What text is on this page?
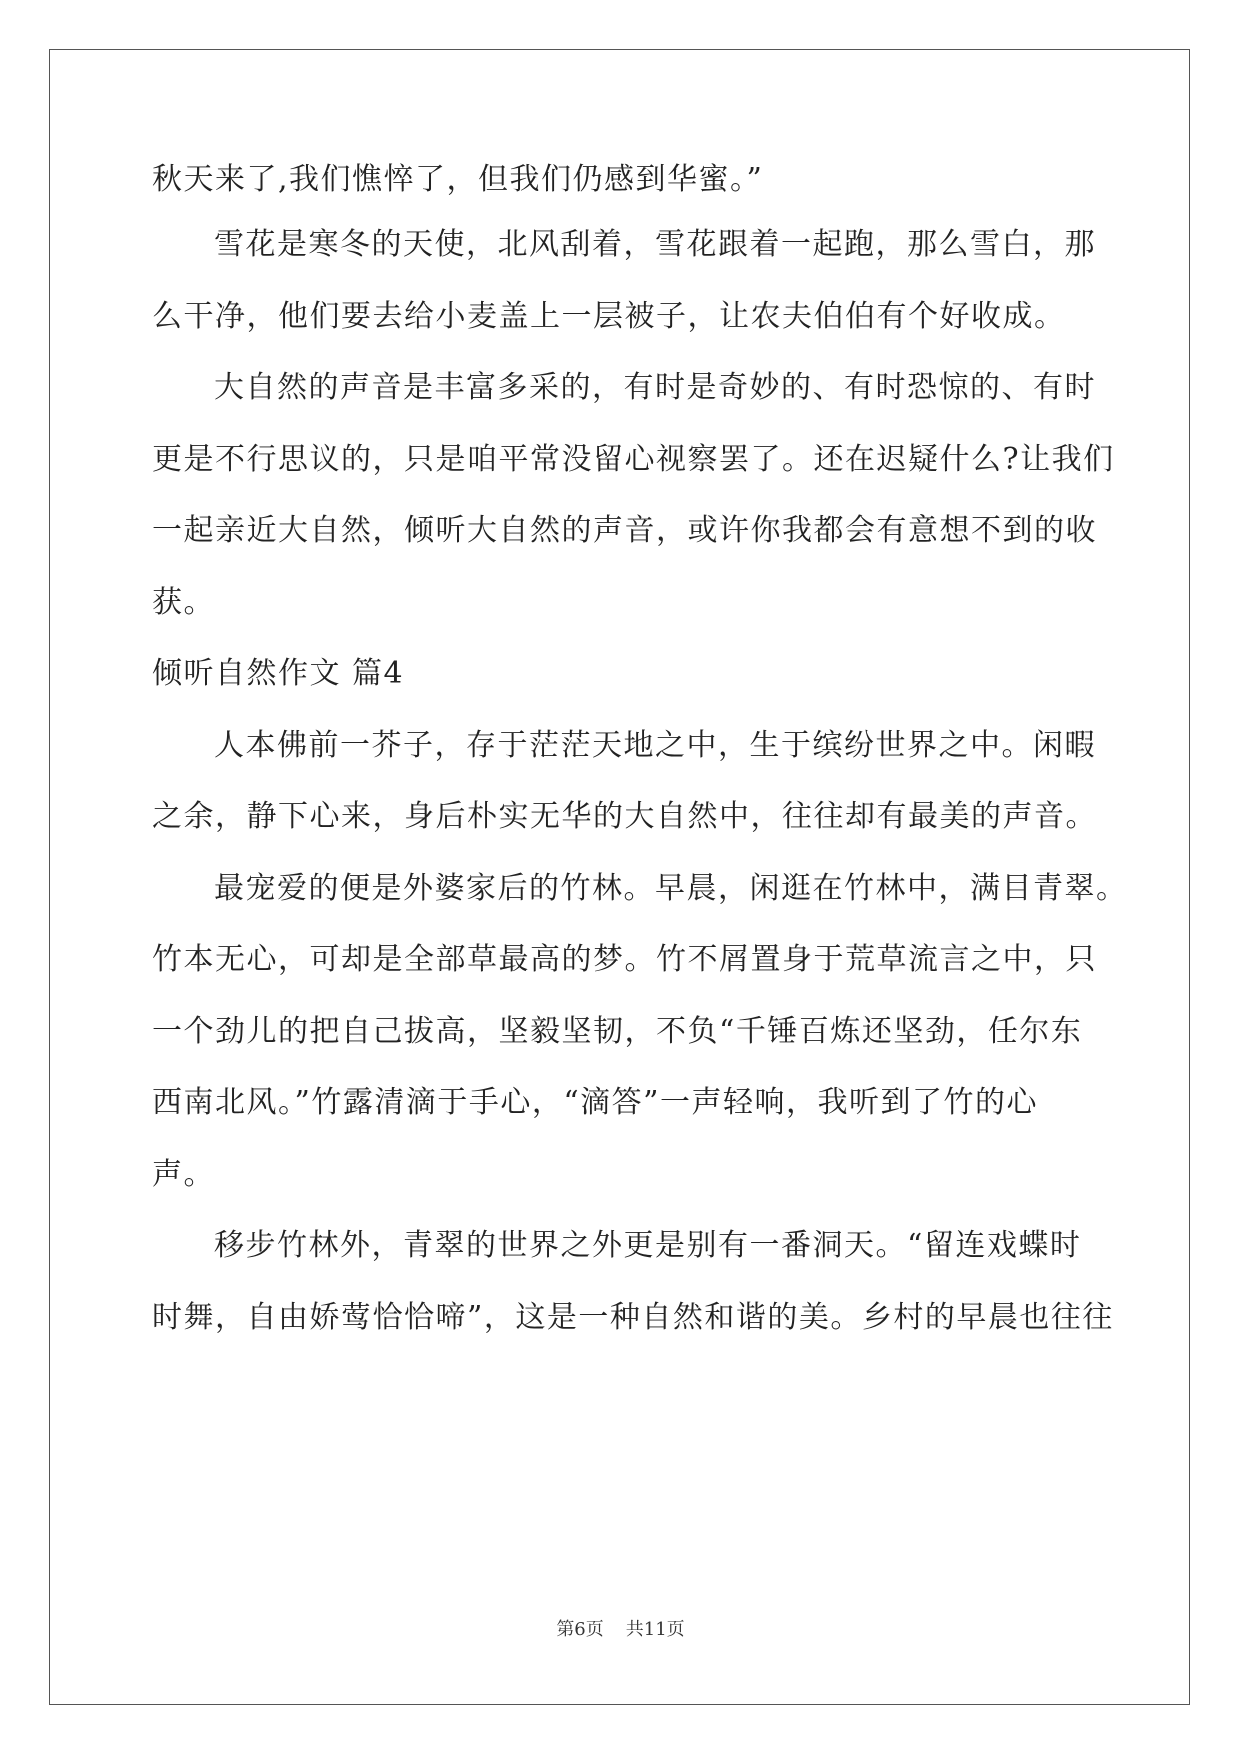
秋天来了,我们憔悴了，但我们仍感到华蜜。”
雪花是寒冬的天使，北风刮着，雪花跟着一起跑，那么雪白，那
么干净，他们要去给小麦盖上一层被子，让农夫伯伯有个好收成。
大自然的声音是丰富多采的，有时是奇妙的、有时恐惊的、有时
更是不行思议的，只是咱平常没留心视察罢了。还在迟疑什么?让我们
一起亲近大自然，倾听大自然的声音，或许你我都会有意想不到的收
获。
倾听自然作文 篇4
人本佛前一芥子，存于茫茫天地之中，生于缤纷世界之中。闲暇
之余，静下心来，身后朴实无华的大自然中，往往却有最美的声音。
最宠爱的便是外婆家后的竹林。早晨，闲逛在竹林中，满目青翠。
竹本无心，可却是全部草最高的梦。竹不屑置身于荒草流言之中，只
一个劲儿的把自己拔高，坚毅坚韧，不负“千锤百炼还坚劲，任尔东
西南北风。”竹露清滴于手心，“滴答”一声轻响，我听到了竹的心
声。
移步竹林外，青翠的世界之外更是别有一番洞天。“留连戏蝶时
时舞，自由娇莺恰恰啼”，这是一种自然和谐的美。乡村的早晨也往往
第6页 共11页
